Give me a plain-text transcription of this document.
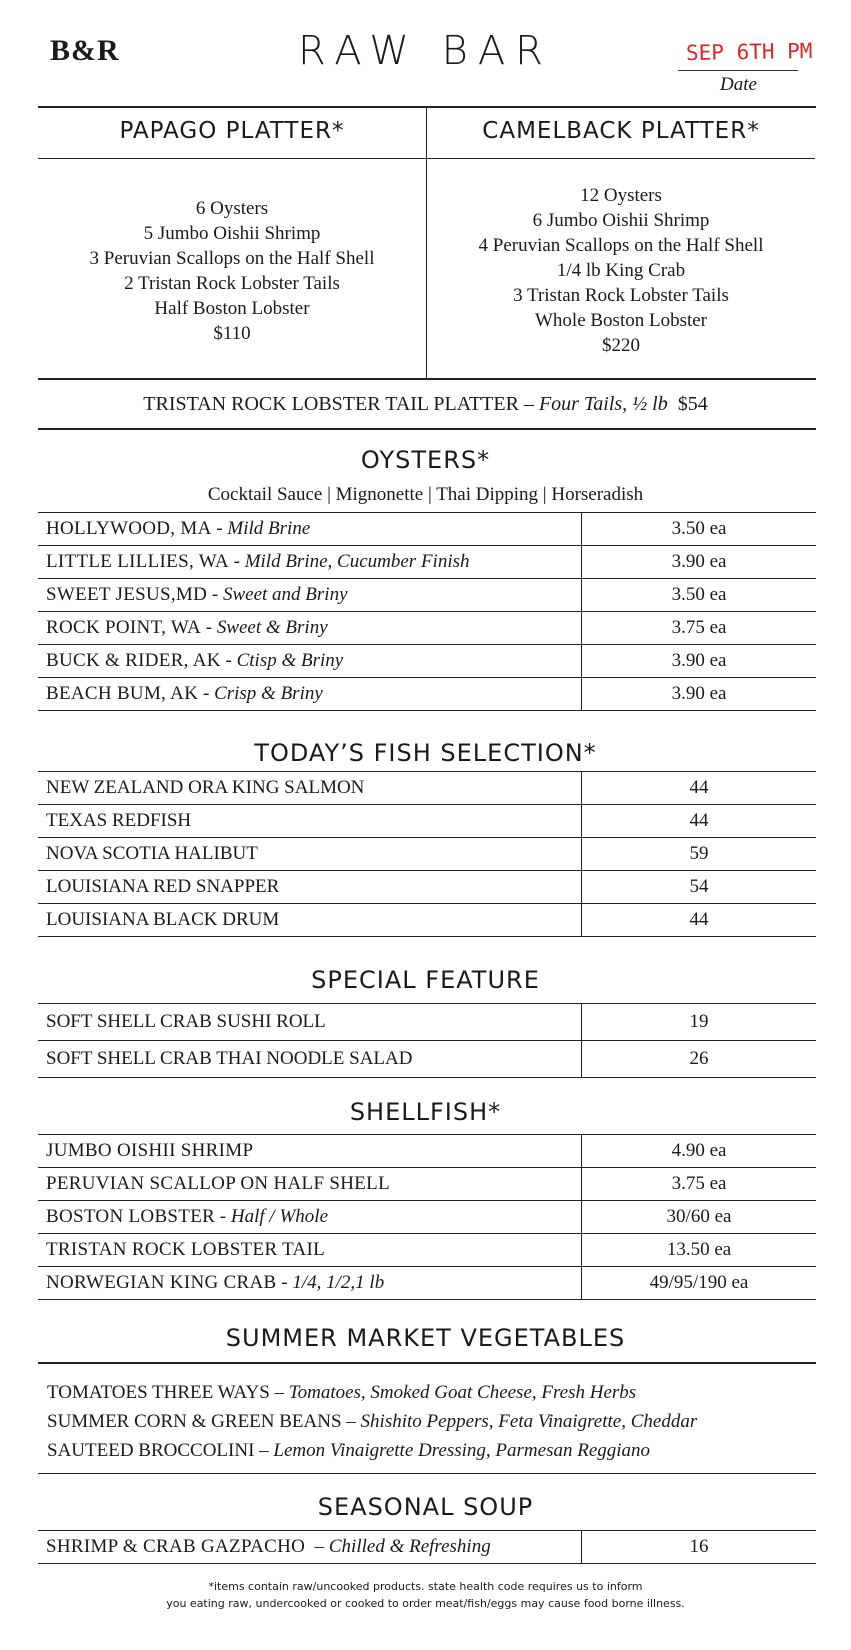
B&R	RAW BAR	SEP 6TH PM
Date
PAPAGO PLATTER*
6 Oysters
5 Jumbo Oishii Shrimp
3 Peruvian Scallops on the Half Shell
2 Tristan Rock Lobster Tails
Half Boston Lobster
$110
CAMELBACK PLATTER*
12 Oysters
6 Jumbo Oishii Shrimp
4 Peruvian Scallops on the Half Shell
1/4 lb King Crab
3 Tristan Rock Lobster Tails
Whole Boston Lobster
$220
TRISTAN ROCK LOBSTER TAIL PLATTER – Four Tails, ½ lb $54
OYSTERS*
Cocktail Sauce | Mignonette | Thai Dipping | Horseradish
HOLLYWOOD, MA - Mild Brine	3.50 ea
LITTLE LILLIES, WA - Mild Brine, Cucumber Finish	3.90 ea
SWEET JESUS,MD - Sweet and Briny	3.50 ea
ROCK POINT, WA - Sweet & Briny	3.75 ea
BUCK & RIDER, AK - Ctisp & Briny	3.90 ea
BEACH BUM, AK - Crisp & Briny	3.90 ea
TODAY’S FISH SELECTION*
NEW ZEALAND ORA KING SALMON	44
TEXAS REDFISH	44
NOVA SCOTIA HALIBUT	59
LOUISIANA RED SNAPPER	54
LOUISIANA BLACK DRUM	44
SPECIAL FEATURE
SOFT SHELL CRAB SUSHI ROLL	19
SOFT SHELL CRAB THAI NOODLE SALAD	26
SHELLFISH*
JUMBO OISHII SHRIMP	4.90 ea
PERUVIAN SCALLOP ON HALF SHELL	3.75 ea
BOSTON LOBSTER - Half / Whole	30/60 ea
TRISTAN ROCK LOBSTER TAIL	13.50 ea
NORWEGIAN KING CRAB - 1/4, 1/2,1 lb	49/95/190 ea
SUMMER MARKET VEGETABLES
TOMATOES THREE WAYS – Tomatoes, Smoked Goat Cheese, Fresh Herbs
SUMMER CORN & GREEN BEANS – Shishito Peppers, Feta Vinaigrette, Cheddar
SAUTEED BROCCOLINI – Lemon Vinaigrette Dressing, Parmesan Reggiano
SEASONAL SOUP
SHRIMP & CRAB GAZPACHO  – Chilled & Refreshing	16
*items contain raw/uncooked products. state health code requires us to inform
you eating raw, undercooked or cooked to order meat/fish/eggs may cause food borne illness.
